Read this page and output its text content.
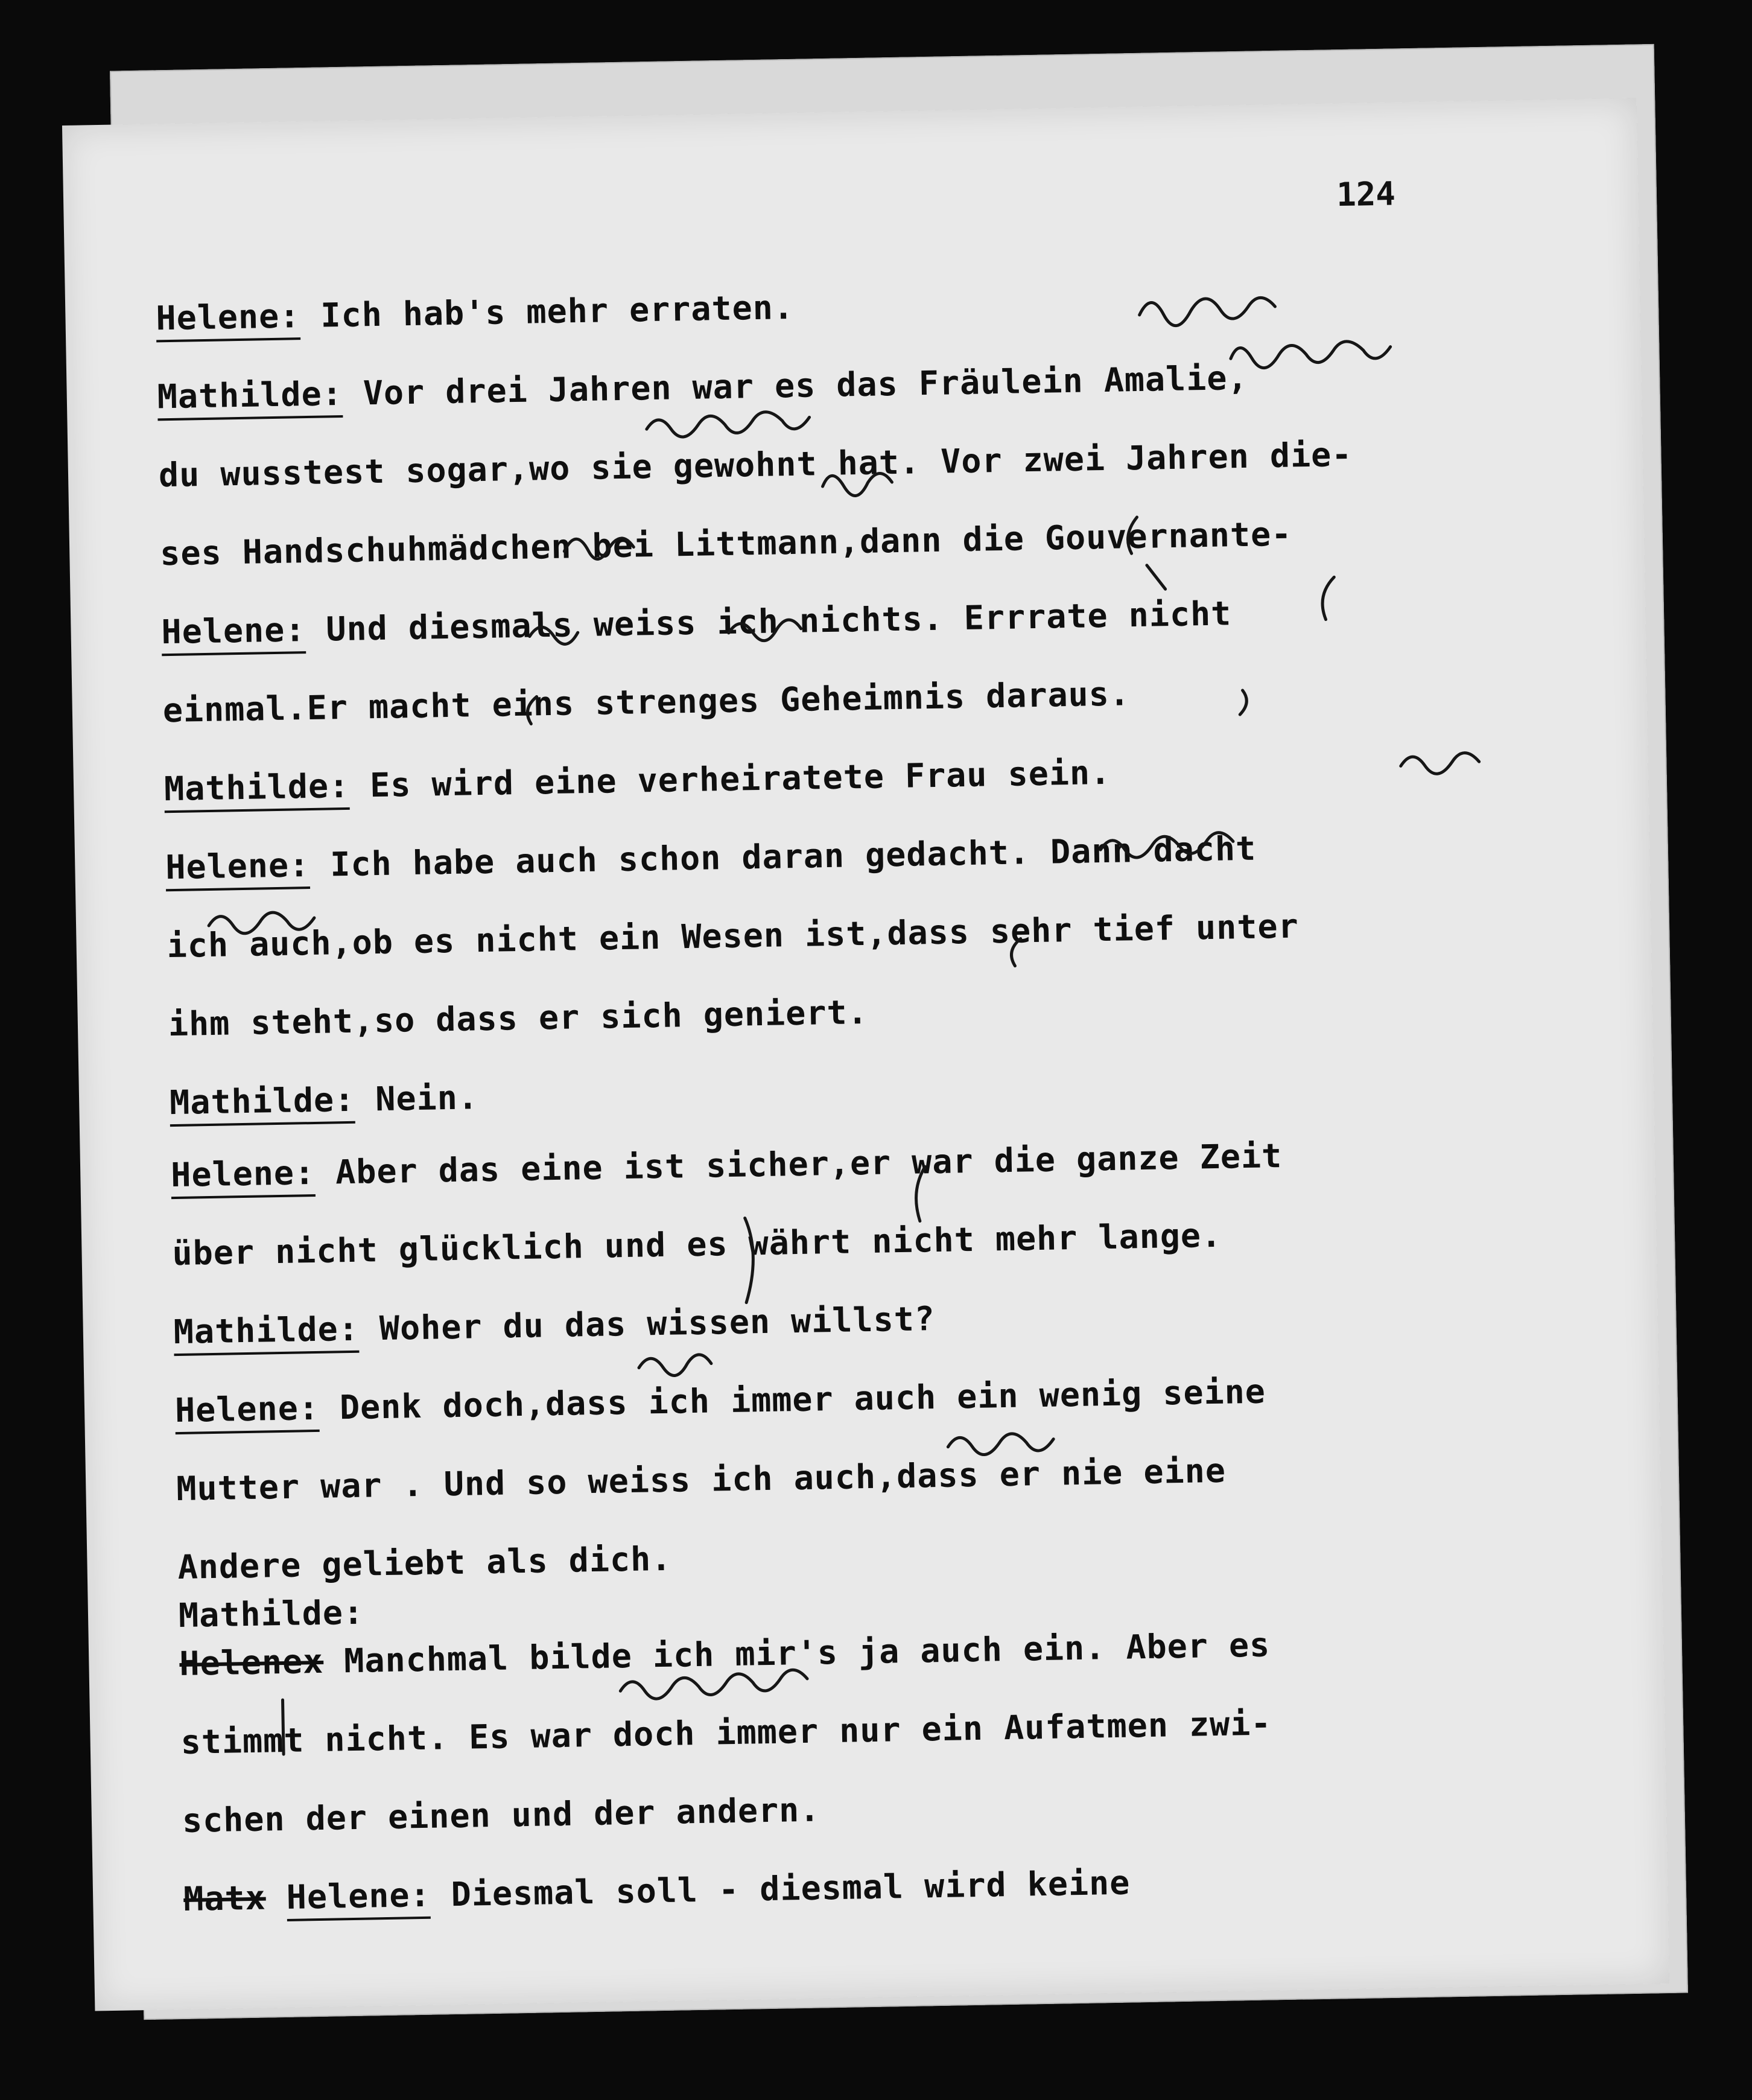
124
Helene: Ich hab's mehr erraten.
Mathilde: Vor drei Jahren war es das Fräulein Amalie,
du wusstest sogar,wo sie gewohnt hat. Vor zwei Jahren die-
ses Handschuhmädchen bei Littmann,dann die Gouvernante-
Helene: Und diesmals weiss ich nichts. Errrate nicht
einmal.Er macht eins strenges Geheimnis daraus.
Mathilde: Es wird eine verheiratete Frau sein.
Helene: Ich habe auch schon daran gedacht. Dann dacht
ich auch,ob es nicht ein Wesen ist,dass sehr tief unter
ihm steht,so dass er sich geniert.
Mathilde: Nein.
Helene: Aber das eine ist sicher,er war die ganze Zeit
über nicht glücklich und es währt nicht mehr lange.
Mathilde: Woher du das wissen willst?
Helene: Denk doch,dass ich immer auch ein wenig seine
Mutter war . Und so weiss ich auch,dass er nie eine
Andere geliebt als dich.
Mathilde:
Helenex Manchmal bilde ich mir's ja auch ein. Aber es
stimmt nicht. Es war doch immer nur ein Aufatmen zwi-
schen der einen und der andern.
Matx Helene: Diesmal soll - diesmal wird keine
